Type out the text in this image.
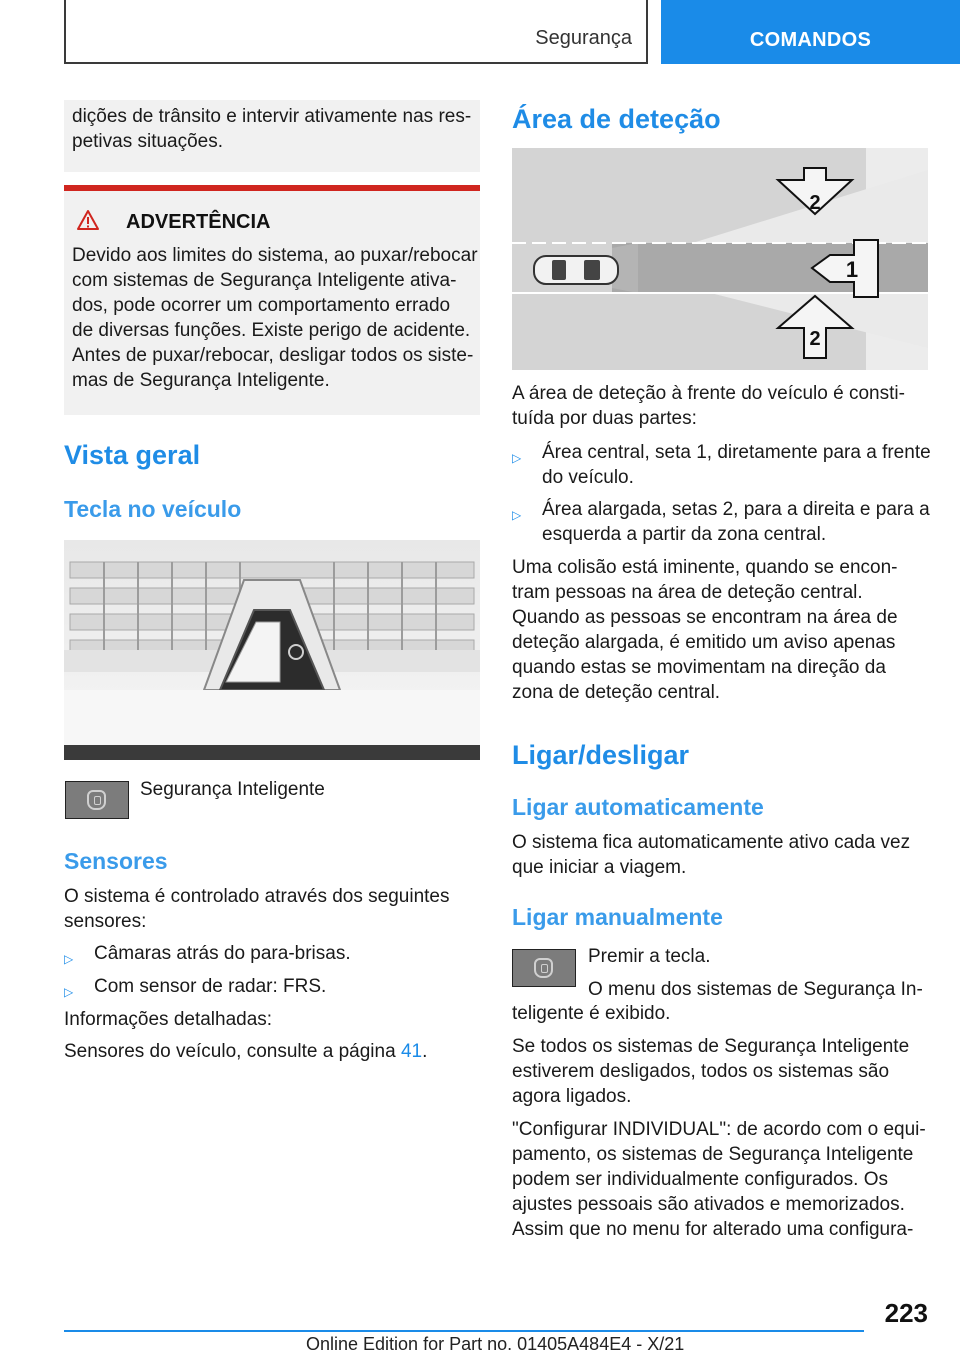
Segurança	COMANDOS
dições de trânsito e intervir ativamente nas res-
petivas situações.
ADVERTÊNCIA
Devido aos limites do sistema, ao puxar/rebocar
com sistemas de Segurança Inteligente ativa-
dos, pode ocorrer um comportamento errado
de diversas funções. Existe perigo de acidente.
Antes de puxar/rebocar, desligar todos os siste-
mas de Segurança Inteligente.
Vista geral
Tecla no veículo
Segurança Inteligente
Sensores
O sistema é controlado através dos seguintes
sensores:
▷	Câmaras atrás do para-brisas.
▷	Com sensor de radar: FRS.
Informações detalhadas:
Sensores do veículo, consulte a página 41.
Área de deteção
1
2
2
A área de deteção à frente do veículo é consti-
tuída por duas partes:
▷	Área central, seta 1, diretamente para a frente
do veículo.
▷	Área alargada, setas 2, para a direita e para a
esquerda a partir da zona central.
Uma colisão está iminente, quando se encon-
tram pessoas na área de deteção central.
Quando as pessoas se encontram na área de
deteção alargada, é emitido um aviso apenas
quando estas se movimentam na direção da
zona de deteção central.
Ligar/desligar
Ligar automaticamente
O sistema fica automaticamente ativo cada vez
que iniciar a viagem.
Ligar manualmente
Premir a tecla.
O menu dos sistemas de Segurança In-
teligente é exibido.
Se todos os sistemas de Segurança Inteligente
estiverem desligados, todos os sistemas são
agora ligados.
"Configurar INDIVIDUAL": de acordo com o equi-
pamento, os sistemas de Segurança Inteligente
podem ser individualmente configurados. Os
ajustes pessoais são ativados e memorizados.
Assim que no menu for alterado uma configura-
223
Online Edition for Part no. 01405A484E4 - X/21
